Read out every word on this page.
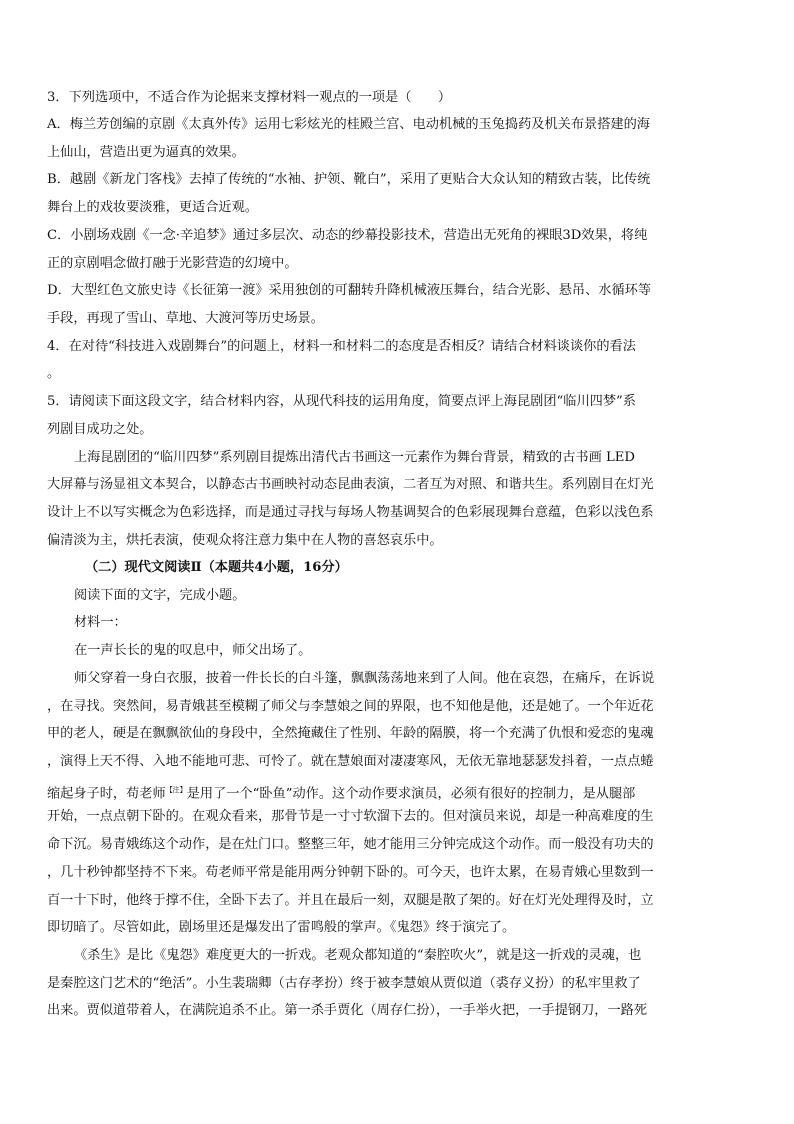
3．下列选项中，不适合作为论据来支撑材料一观点的一项是（　　）
A．梅兰芳创编的京剧《太真外传》运用七彩炫光的桂殿兰宫、电动机械的玉兔捣药及机关布景搭建的海
上仙山，营造出更为逼真的效果。
B．越剧《新龙门客栈》去掉了传统的“水袖、护领、靴白”，采用了更贴合大众认知的精致古装，比传统
舞台上的戏妆要淡雅，更适合近观。
C．小剧场戏剧《一念·辛追梦》通过多层次、动态的纱幕投影技术，营造出无死角的裸眼3D效果，将纯
正的京剧唱念做打融于光影营造的幻境中。
D．大型红色文旅史诗《长征第一渡》采用独创的可翻转升降机械液压舞台，结合光影、悬吊、水循环等
手段，再现了雪山、草地、大渡河等历史场景。
4．在对待“科技进入戏剧舞台”的问题上，材料一和材料二的态度是否相反？请结合材料谈谈你的看法
。
5．请阅读下面这段文字，结合材料内容，从现代科技的运用角度，简要点评上海昆剧团“临川四梦”系
列剧目成功之处。
上海昆剧团的“临川四梦”系列剧目提炼出清代古书画这一元素作为舞台背景，精致的古书画 LED
大屏幕与汤显祖文本契合，以静态古书画映衬动态昆曲表演，二者互为对照、和谐共生。系列剧目在灯光
设计上不以写实概念为色彩选择，而是通过寻找与每场人物基调契合的色彩展现舞台意蕴，色彩以浅色系
偏清淡为主，烘托表演，使观众将注意力集中在人物的喜怒哀乐中。
（二）现代文阅读Ⅱ（本题共4小题，16分）
阅读下面的文字，完成小题。
材料一：
在一声长长的鬼的叹息中，师父出场了。
师父穿着一身白衣服，披着一件长长的白斗篷，飘飘荡荡地来到了人间。他在哀怨，在痛斥，在诉说
，在寻找。突然间，易青娥甚至模糊了师父与李慧娘之间的界限，也不知他是他，还是她了。一个年近花
甲的老人，硬是在飘飘欲仙的身段中，全然掩藏住了性别、年龄的隔膜，将一个充满了仇恨和爱恋的鬼魂
，演得上天不得、入地不能地可悲、可怜了。就在慧娘面对凄凄寒风，无依无靠地瑟瑟发抖着，一点点蜷
缩起身子时，苟老师$^{【注】}$是用了一个“卧鱼”动作。这个动作要求演员，必须有很好的控制力，是从腿部
开始，一点点朝下卧的。在观众看来，那骨节是一寸寸软溜下去的。但对演员来说，却是一种高难度的生
命下沉。易青娥练这个动作，是在灶门口。整整三年，她才能用三分钟完成这个动作。而一般没有功夫的
，几十秒钟都坚持不下来。苟老师平常是能用两分钟朝下卧的。可今天，也许太累，在易青娥心里数到一
百一十下时，他终于撑不住，全卧下去了。并且在最后一刻，双腿是散了架的。好在灯光处理得及时，立
即切暗了。尽管如此，剧场里还是爆发出了雷鸣般的掌声。《鬼怨》终于演完了。
《杀生》是比《鬼怨》难度更大的一折戏。老观众都知道的“秦腔吹火”，就是这一折戏的灵魂，也
是秦腔这门艺术的“绝活”。小生裴瑞卿（古存孝扮）终于被李慧娘从贾似道（裘存义扮）的私牢里救了
出来。贾似道带着人，在满院追杀不止。第一杀手贾化（周存仁扮），一手举火把，一手提钢刀，一路死
